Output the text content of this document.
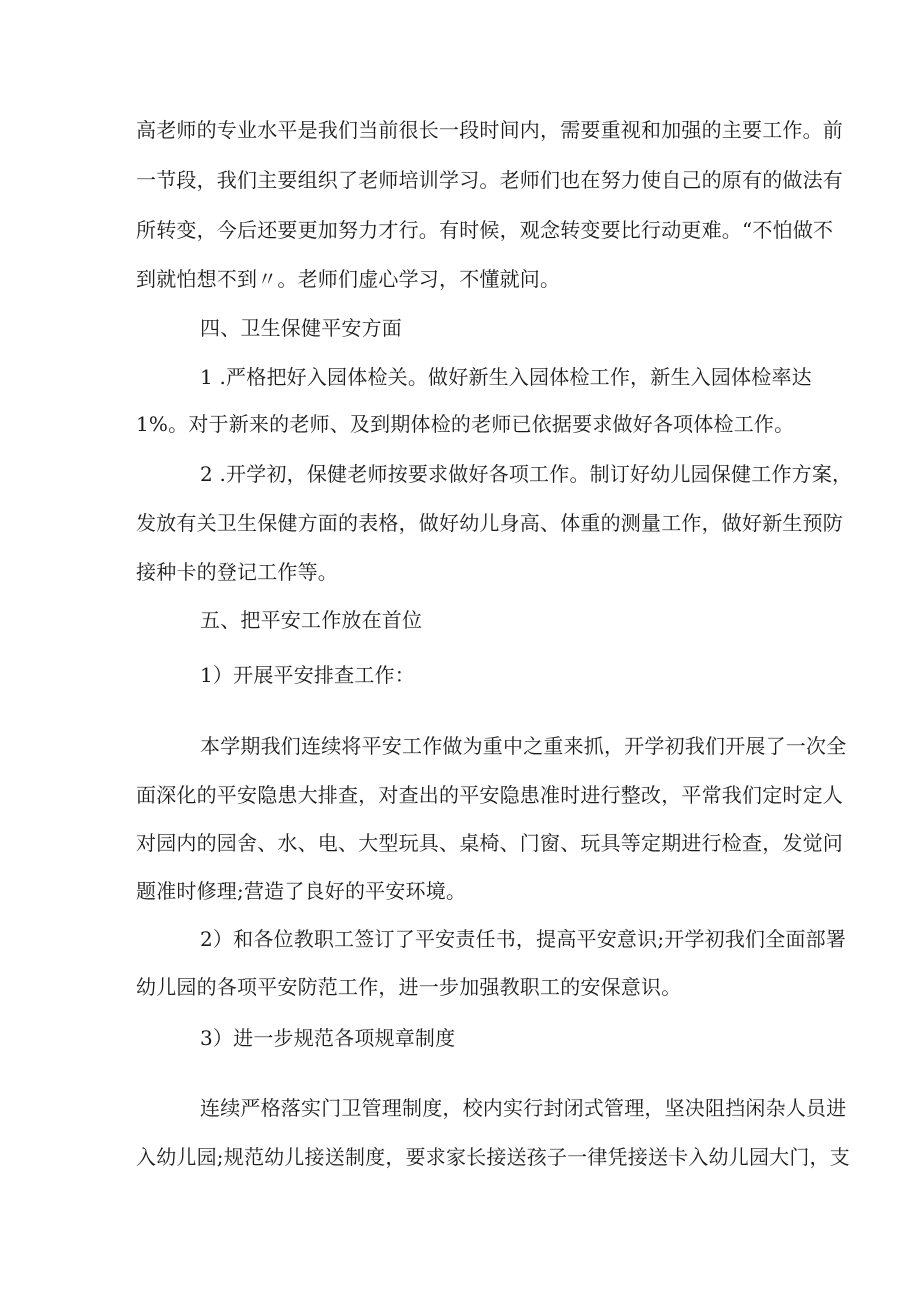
高老师的专业水平是我们当前很长一段时间内，需要重视和加强的主要工作。前
一节段，我们主要组织了老师培训学习。老师们也在努力使自己的原有的做法有
所转变，今后还要更加努力才行。有时候，观念转变要比行动更难。“不怕做不
到就怕想不到〃。老师们虚心学习，不懂就问。
四、卫生保健平安方面
1 .严格把好入园体检关。做好新生入园体检工作，新生入园体检率达
1%。对于新来的老师、及到期体检的老师已依据要求做好各项体检工作。
2 .开学初，保健老师按要求做好各项工作。制订好幼儿园保健工作方案，
发放有关卫生保健方面的表格，做好幼儿身高、体重的测量工作，做好新生预防
接种卡的登记工作等。
五、把平安工作放在首位
1）开展平安排查工作：
本学期我们连续将平安工作做为重中之重来抓，开学初我们开展了一次全
面深化的平安隐患大排查，对查出的平安隐患准时进行整改，平常我们定时定人
对园内的园舍、水、电、大型玩具、桌椅、门窗、玩具等定期进行检查，发觉问
题准时修理;营造了良好的平安环境。
2）和各位教职工签订了平安责任书，提高平安意识;开学初我们全面部署
幼儿园的各项平安防范工作，进一步加强教职工的安保意识。
3）进一步规范各项规章制度
连续严格落实门卫管理制度，校内实行封闭式管理，坚决阻挡闲杂人员进
入幼儿园;规范幼儿接送制度，要求家长接送孩子一律凭接送卡入幼儿园大门，支
